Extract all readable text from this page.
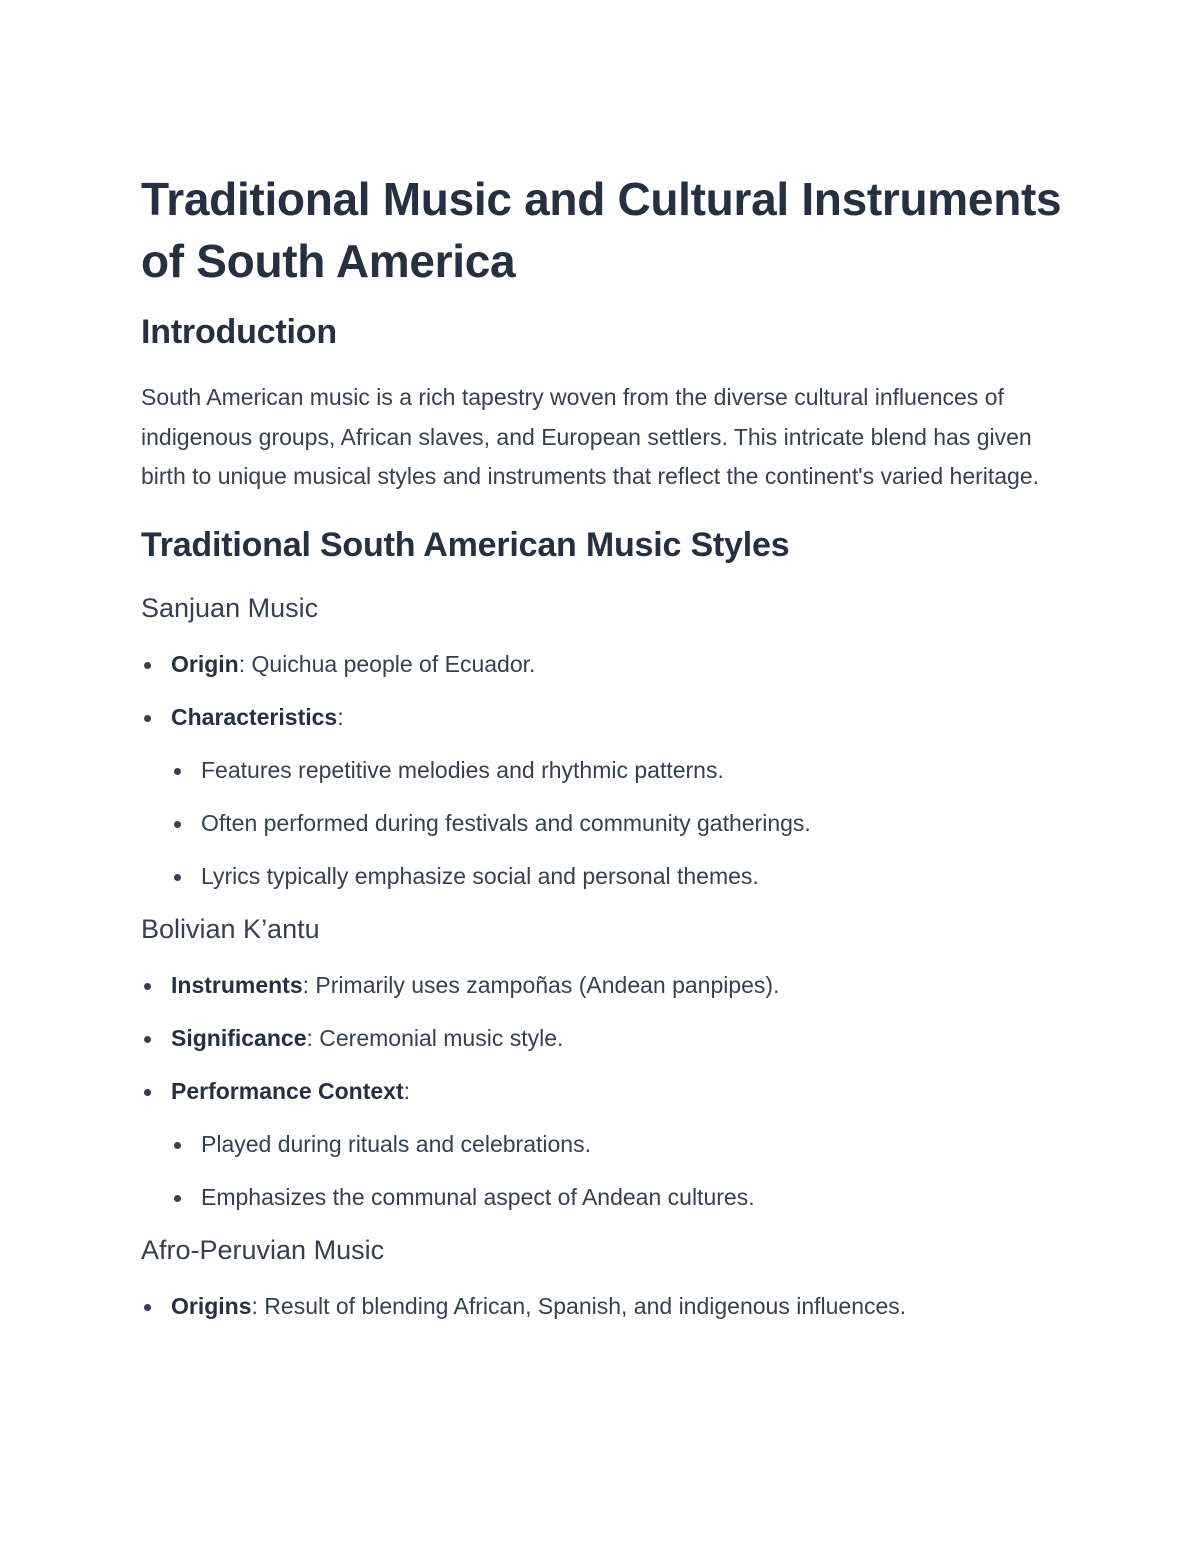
Traditional Music and Cultural Instruments of South America
Introduction

South American music is a rich tapestry woven from the diverse cultural influences of indigenous groups, African slaves, and European settlers. This intricate blend has given birth to unique musical styles and instruments that reflect the continent's varied heritage.

Traditional South American Music Styles
Sanjuan Music
Origin: Quichua people of Ecuador.
Characteristics:
Features repetitive melodies and rhythmic patterns.
Often performed during festivals and community gatherings.
Lyrics typically emphasize social and personal themes.
Bolivian K’antu
Instruments: Primarily uses zampoñas (Andean panpipes).
Significance: Ceremonial music style.
Performance Context:
Played during rituals and celebrations.
Emphasizes the communal aspect of Andean cultures.
Afro-Peruvian Music
Origins: Result of blending African, Spanish, and indigenous influences.
